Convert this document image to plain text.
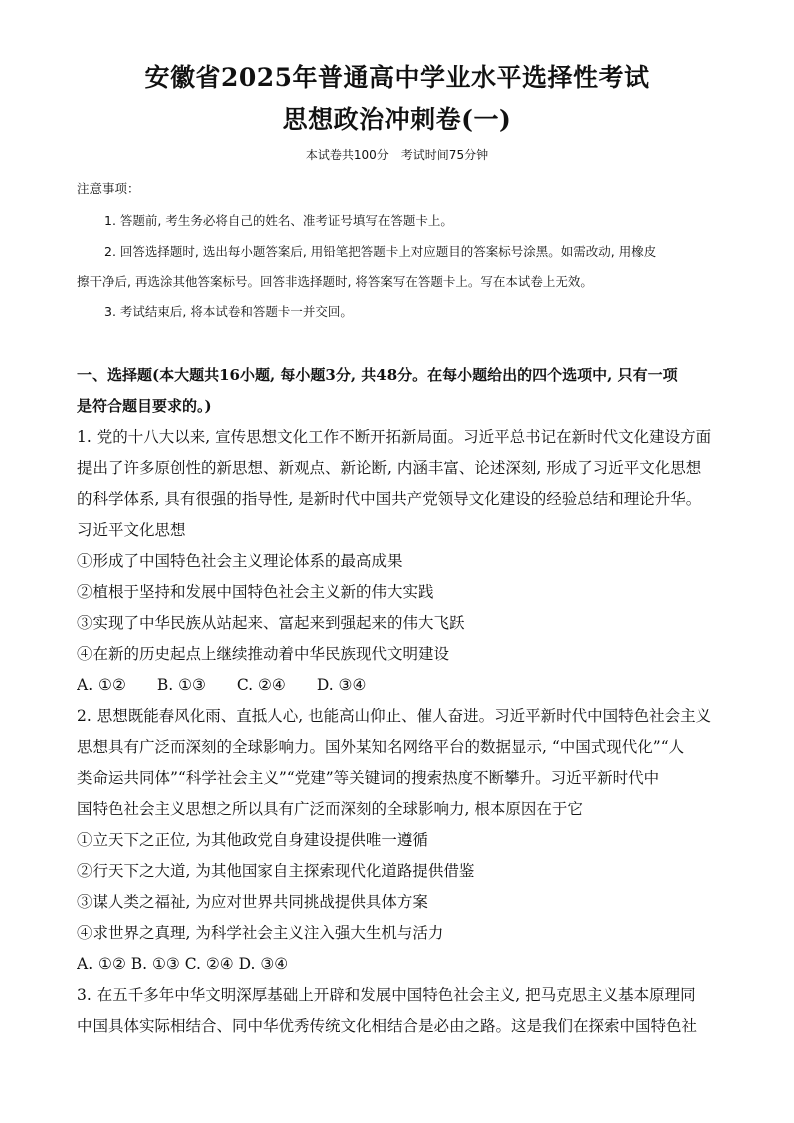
安徽省2025年普通高中学业水平选择性考试
思想政治冲刺卷(一)
本试卷共100分　考试时间75分钟
注意事项：
1. 答题前, 考生务必将自己的姓名、准考证号填写在答题卡上。
2. 回答选择题时, 选出每小题答案后, 用铅笔把答题卡上对应题目的答案标号涂黑。如需改动, 用橡皮
擦干净后, 再选涂其他答案标号。回答非选择题时, 将答案写在答题卡上。写在本试卷上无效。
3. 考试结束后, 将本试卷和答题卡一并交回。
一、选择题(本大题共16小题, 每小题3分, 共48分。在每小题给出的四个选项中, 只有一项
是符合题目要求的。)
1. 党的十八大以来, 宣传思想文化工作不断开拓新局面。习近平总书记在新时代文化建设方面
提出了许多原创性的新思想、新观点、新论断, 内涵丰富、论述深刻, 形成了习近平文化思想
的科学体系, 具有很强的指导性, 是新时代中国共产党领导文化建设的经验总结和理论升华。
习近平文化思想
①形成了中国特色社会主义理论体系的最高成果
②植根于坚持和发展中国特色社会主义新的伟大实践
③实现了中华民族从站起来、富起来到强起来的伟大飞跃
④在新的历史起点上继续推动着中华民族现代文明建设
A. ①②　　B. ①③　　C. ②④　　D. ③④
2. 思想既能春风化雨、直抵人心, 也能高山仰止、催人奋进。习近平新时代中国特色社会主义
思想具有广泛而深刻的全球影响力。国外某知名网络平台的数据显示, “中国式现代化”“人
类命运共同体”“科学社会主义”“党建”等关键词的搜索热度不断攀升。习近平新时代中
国特色社会主义思想之所以具有广泛而深刻的全球影响力, 根本原因在于它
①立天下之正位, 为其他政党自身建设提供唯一遵循
②行天下之大道, 为其他国家自主探索现代化道路提供借鉴
③谋人类之福祉, 为应对世界共同挑战提供具体方案
④求世界之真理, 为科学社会主义注入强大生机与活力
A. ①② B. ①③ C. ②④ D. ③④
3. 在五千多年中华文明深厚基础上开辟和发展中国特色社会主义, 把马克思主义基本原理同
中国具体实际相结合、同中华优秀传统文化相结合是必由之路。这是我们在探索中国特色社
